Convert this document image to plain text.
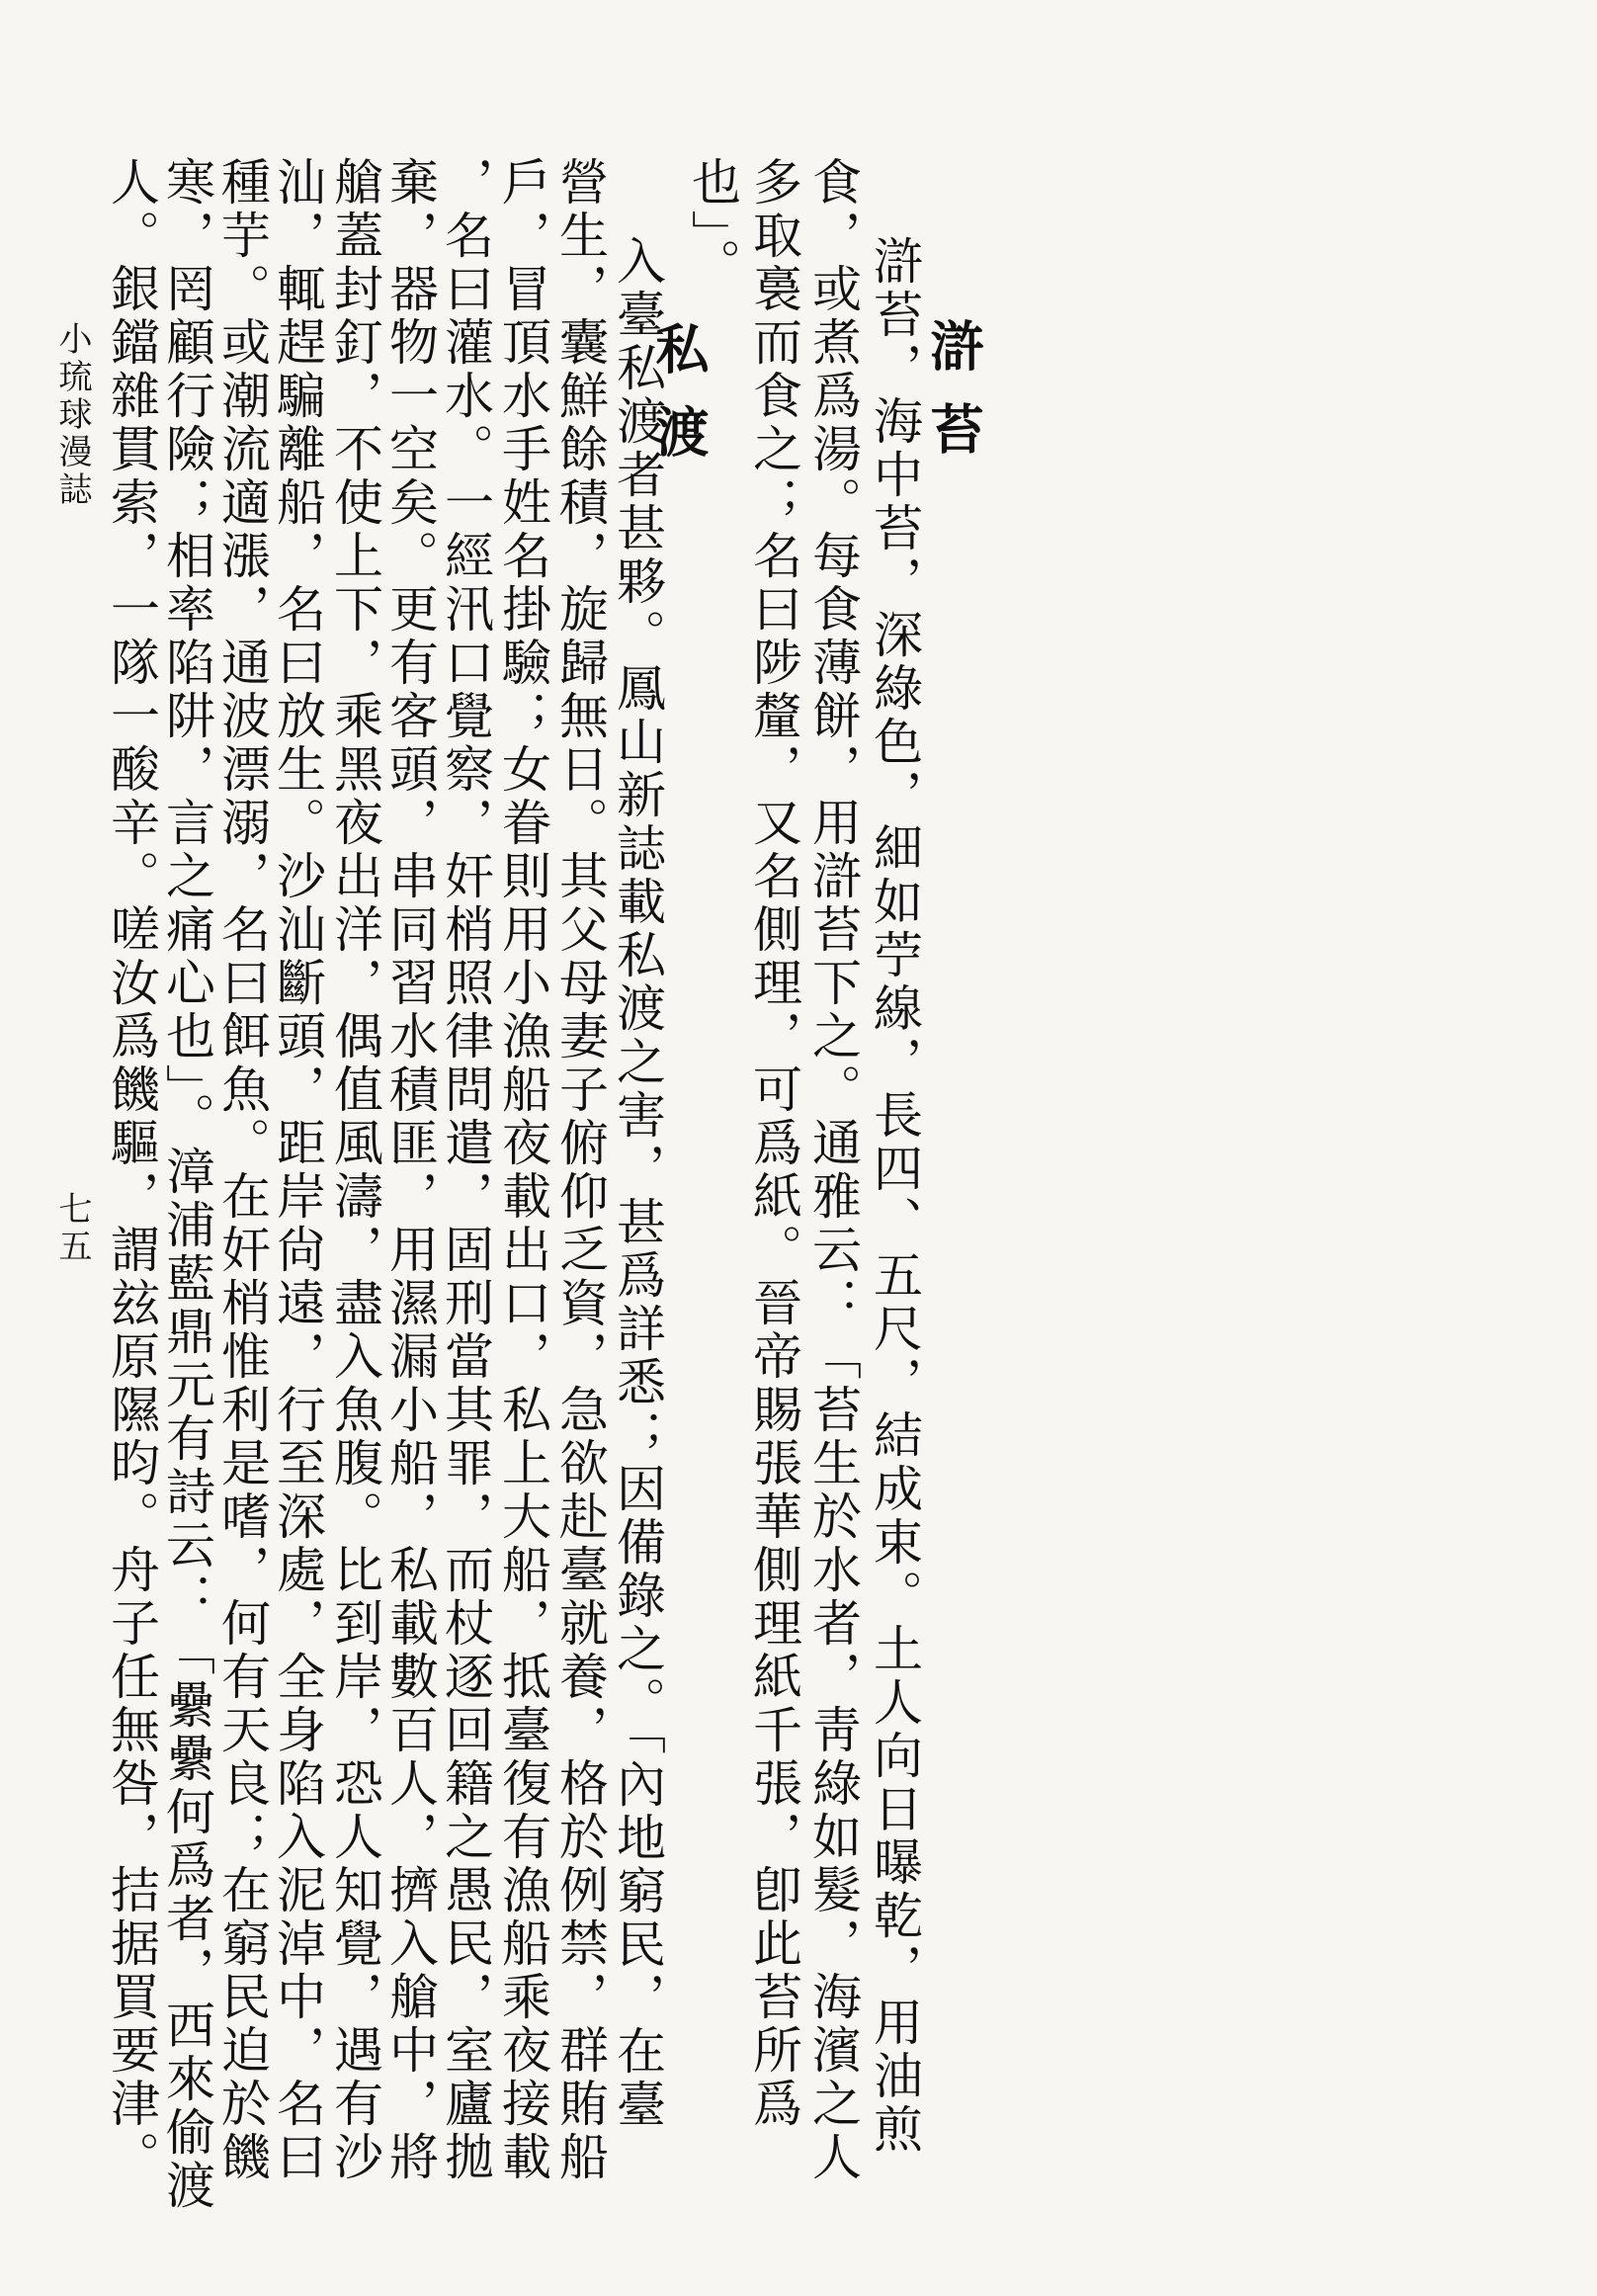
滸苔
滸苔，海中苔，深綠色，細如苧線，長四、五尺，結成束。土人向日曝乾，用油煎
食，或煮爲湯。每食薄餅，用滸苔下之。通雅云：「苔生於水者，靑綠如髮，海濱之人
多取裛而食之；名曰陟釐，又名側理，可爲紙。晉帝賜張華側理紙千張，卽此苔所爲
也」。
私渡
入臺私渡者甚夥。鳳山新誌載私渡之害，甚爲詳悉；因備錄之。「內地窮民，在臺
營生，囊鮮餘積，旋歸無日。其父母妻子俯仰乏資，急欲赴臺就養，格於例禁，群賄船
戶，冒頂水手姓名掛驗；女眷則用小漁船夜載出口，私上大船，抵臺復有漁船乘夜接載
，名曰灌水。一經汛口覺察，奸梢照律問遣，固刑當其罪，而杖逐回籍之愚民，室廬拋
棄，器物一空矣。更有客頭，串同習水積匪，用濕漏小船，私載數百人，擠入艙中，將
艙蓋封釘，不使上下，乘黑夜出洋，偶值風濤，盡入魚腹。比到岸，恐人知覺，遇有沙
汕，輒趕騙離船，名曰放生。沙汕斷頭，距岸尙遠，行至深處，全身陷入泥淖中，名曰
種芋。或潮流適漲，通波漂溺，名曰餌魚。在奸梢惟利是嗜，何有天良；在窮民迫於饑
寒，罔顧行險；相率陷阱，言之痛心也」。漳浦藍鼎元有詩云：「纍纍何爲者，西來偷渡
人。銀鐺雜貫索，一隊一酸辛。嗟汝爲饑驅，謂玆原隰昀。舟子任無咎，拮据買要津。
小琉球漫誌
七五
